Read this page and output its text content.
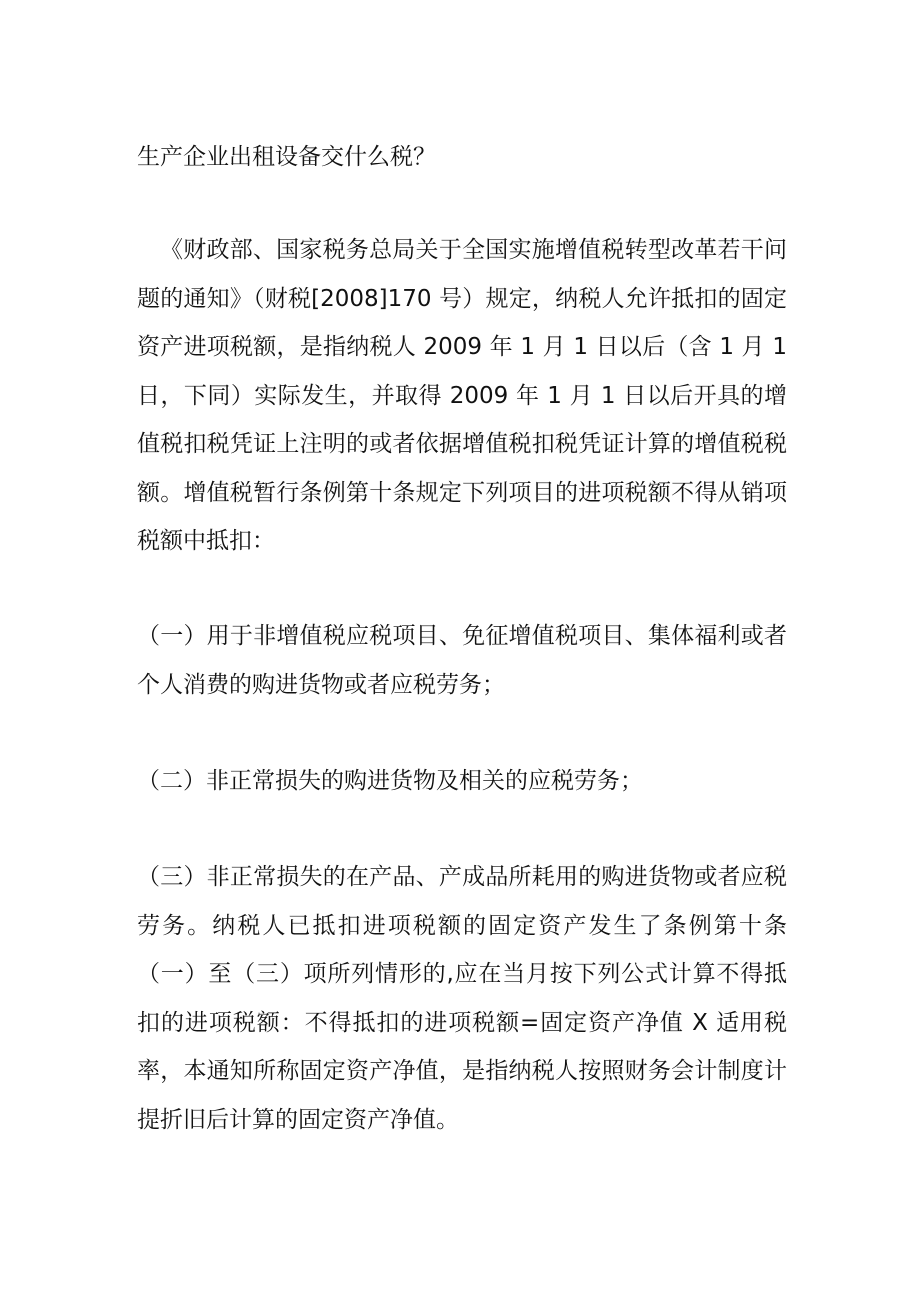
生产企业出租设备交什么税？

《财政部、国家税务总局关于全国实施增值税转型改革若干问题的通知》（财税[2008]170 号）规定，纳税人允许抵扣的固定资产进项税额，是指纳税人 2009 年 1 月 1 日以后（含 1 月 1 日，下同）实际发生，并取得 2009 年 1 月 1 日以后开具的增值税扣税凭证上注明的或者依据增值税扣税凭证计算的增值税税额。增值税暂行条例第十条规定下列项目的进项税额不得从销项税额中抵扣：

（一）用于非增值税应税项目、免征增值税项目、集体福利或者个人消费的购进货物或者应税劳务；

（二）非正常损失的购进货物及相关的应税劳务；

（三）非正常损失的在产品、产成品所耗用的购进货物或者应税劳务。纳税人已抵扣进项税额的固定资产发生了条例第十条（一）至（三）项所列情形的,应在当月按下列公式计算不得抵扣的进项税额：不得抵扣的进项税额=固定资产净值 X 适用税率，本通知所称固定资产净值，是指纳税人按照财务会计制度计提折旧后计算的固定资产净值。
